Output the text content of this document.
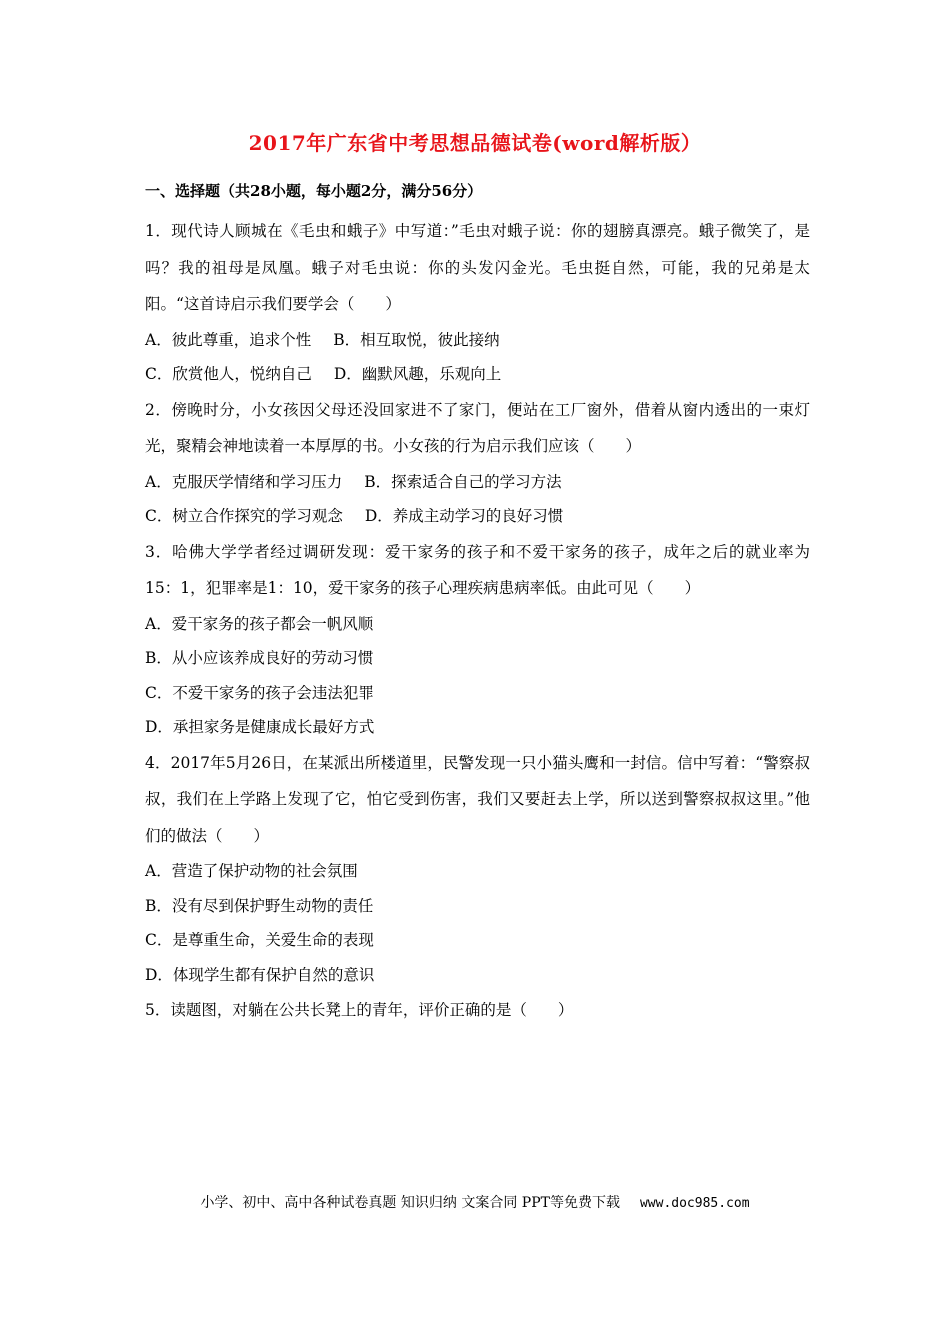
2017年广东省中考思想品德试卷(word解析版）

一、选择题（共28小题，每小题2分，满分56分）

1．现代诗人顾城在《毛虫和蛾子》中写道：”毛虫对蛾子说：你的翅膀真漂亮。蛾子微笑了，是吗？我的祖母是凤凰。蛾子对毛虫说：你的头发闪金光。毛虫挺自然，可能，我的兄弟是太阳。“这首诗启示我们要学会（　　）

A．彼此尊重，追求个性 B．相互取悦，彼此接纳

C．欣赏他人，悦纳自己 D．幽默风趣，乐观向上

2．傍晚时分，小女孩因父母还没回家进不了家门，便站在工厂窗外，借着从窗内透出的一束灯光，聚精会神地读着一本厚厚的书。小女孩的行为启示我们应该（　　）

A．克服厌学情绪和学习压力 B．探索适合自己的学习方法

C．树立合作探究的学习观念 D．养成主动学习的良好习惯

3．哈佛大学学者经过调研发现：爱干家务的孩子和不爱干家务的孩子，成年之后的就业率为15：1，犯罪率是1：10，爱干家务的孩子心理疾病患病率低。由此可见（　　）

A．爱干家务的孩子都会一帆风顺

B．从小应该养成良好的劳动习惯

C．不爱干家务的孩子会违法犯罪

D．承担家务是健康成长最好方式

4．2017年5月26日，在某派出所楼道里，民警发现一只小猫头鹰和一封信。信中写着：“警察叔叔，我们在上学路上发现了它，怕它受到伤害，我们又要赶去上学，所以送到警察叔叔这里。”他们的做法（　　）

A．营造了保护动物的社会氛围

B．没有尽到保护野生动物的责任

C．是尊重生命，关爱生命的表现

D．体现学生都有保护自然的意识

5．读题图，对躺在公共长凳上的青年，评价正确的是（　　）

小学、初中、高中各种试卷真题 知识归纳 文案合同 PPT等免费下载 www.doc985.com
